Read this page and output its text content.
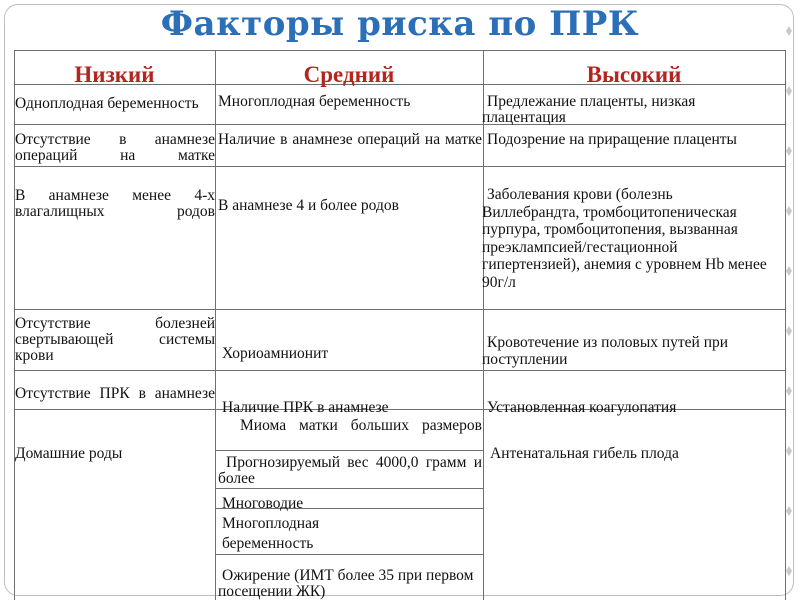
Факторы риска по ПРК
Низкий	Средний	Высокий
Одноплодная беременность
Отсутствие в анамнезе операций на матке
В анамнезе менее 4-х влагалищных родов
Отсутствие болезней свертывающей системы крови
Отсутствие ПРК в анамнезе
Домашние роды
Многоплодная беременность
Наличие в анамнезе операций на матке
В анамнезе 4 и более родов
Хориоамнионит
Наличие ПРК в анамнезе
Миома матки больших размеров
Прогнозируемый вес 4000,0 грамм и более
Многоводие
Многоплодная беременность
Ожирение (ИМТ более 35 при первом посещении ЖК)
Предлежание плаценты, низкая плацентация
Подозрение на приращение плаценты
Заболевания крови (болезнь Виллебрандта, тромбоцитопеническая пурпура, тромбоцитопения, вызванная преэклампсией/гестационной гипертензией), анемия с уровнем Hb менее 90г/л
Кровотечение из половых путей при поступлении
Установленная коагулопатия
Антенатальная гибель плода
